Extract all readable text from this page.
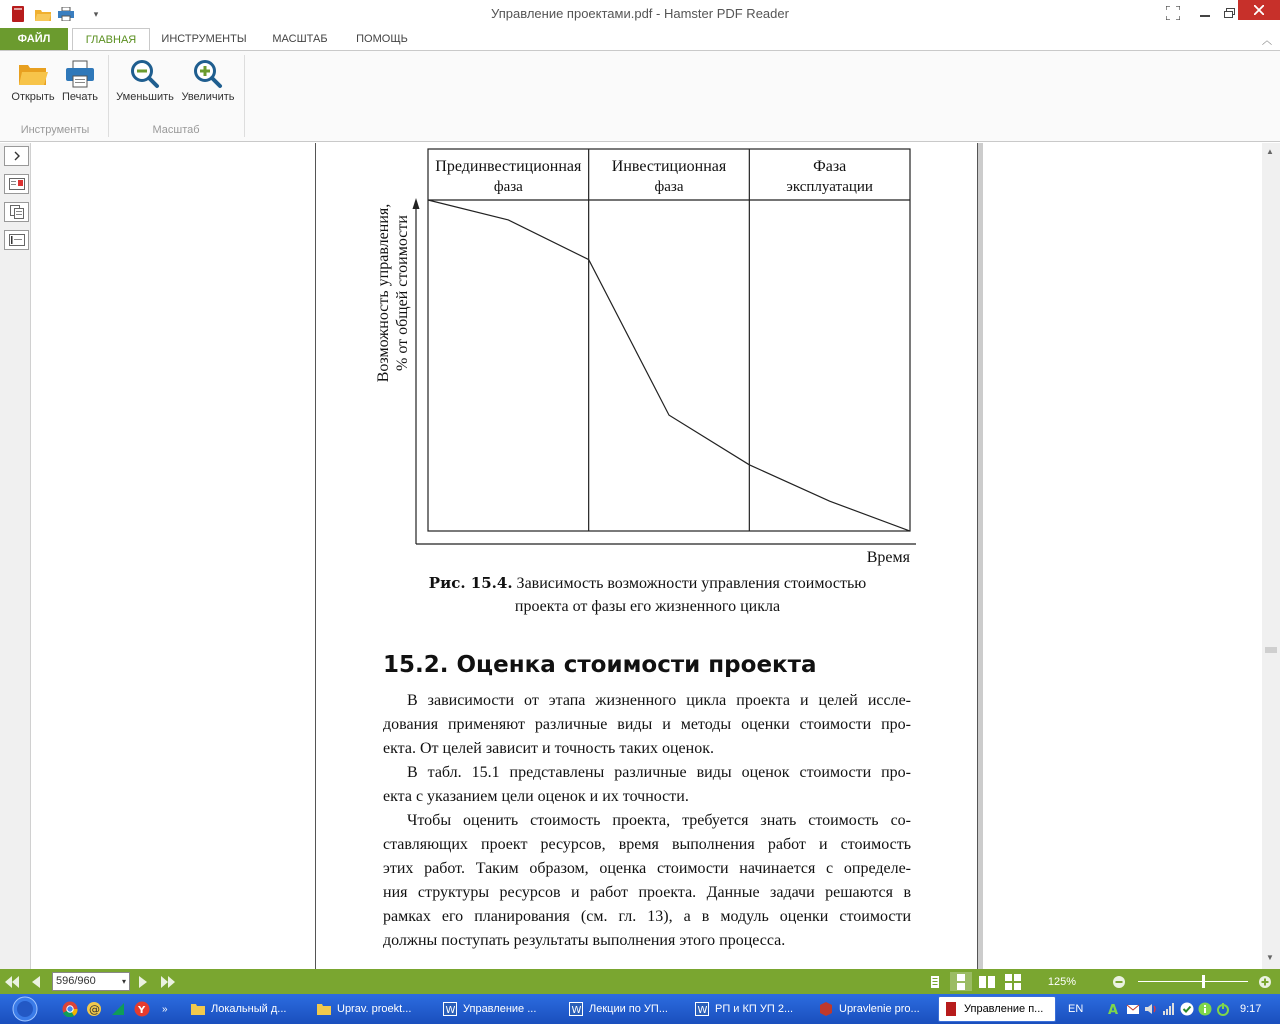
▾	Управление проектами.pdf - Hamster PDF Reader
ФАЙЛ	ГЛАВНАЯ	ИНСТРУМЕНТЫ	МАСШТАБ	ПОМОЩЬ	︿
Открыть Печать	Уменьшить Увеличить
Инструменты	Масштаб
Прединвестиционная
фаза
Инвестиционная
фаза
Фаза
эксплуатации
Время
Возможность управления, % от общей стоимости
Рис. 15.4. Зависимость возможности управления стоимостью
проекта от фазы его жизненного цикла
15.2. Оценка стоимости проекта
В зависимости от этапа жизненного цикла проекта и целей иссле-
дования применяют различные виды и методы оценки стоимости про-
екта. От целей зависит и точность таких оценок.
В табл. 15.1 представлены различные виды оценок стоимости про-
екта с указанием цели оценок и их точности.
Чтобы оценить стоимость проекта, требуется знать стоимость со-
ставляющих проект ресурсов, время выполнения работ и стоимость
этих работ. Таким образом, оценка стоимости начинается с определе-
ния структуры ресурсов и работ проекта. Данные задачи решаются в
рамках его планирования (см. гл. 13), а в модуль оценки стоимости
должны поступать результаты выполнения этого процесса.
▲
▼
596/960	▾	125%
@	Y »	Локальный д...	Uprav. proekt...	W Управление ...	W Лекции по УП...	W РП и КП УП 2...	Upravlenie pro...	Управление п... EN	A	9:17
